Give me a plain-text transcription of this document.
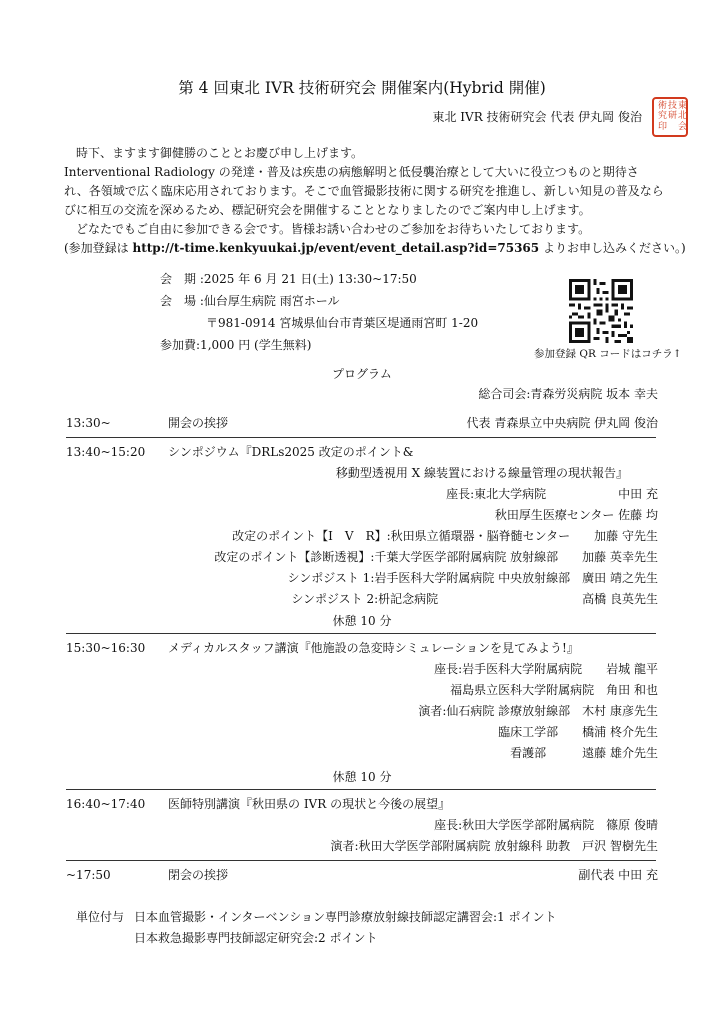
第 4 回東北 IVR 技術研究会 開催案内(Hybrid 開催)
東北 IVR 技術研究会 代表 伊丸岡 俊治
東
北
技
研
術
究
会
印
時下、ますます御健勝のこととお慶び申し上げます。
Interventional Radiology の発達・普及は疾患の病態解明と低侵襲治療として大いに役立つものと期待さ
れ、各領域で広く臨床応用されております。そこで血管撮影技術に関する研究を推進し、新しい知見の普及なら
びに相互の交流を深めるため、標記研究会を開催することとなりましたのでご案内申し上げます。
どなたでもご自由に参加できる会です。皆様お誘い合わせのご参加をお待ちいたしております。
(参加登録は http://t-time.kenkyuukai.jp/event/event_detail.asp?id=75365 よりお申し込みください。)
会　期 :2025 年 6 月 21 日(土) 13:30~17:50
会　場 :仙台厚生病院 雨宮ホール
〒981-0914 宮城県仙台市青葉区堤通雨宮町 1-20
参加費:1,000 円 (学生無料)
参加登録 QR コードはコチラ↑
プログラム
総合司会:青森労災病院 坂本 幸夫
13:30~	開会の挨拶	代表 青森県立中央病院 伊丸岡 俊治
13:40~15:20 シンポジウム『DRLs2025 改定のポイント&
移動型透視用 X 線装置における線量管理の現状報告』
座長:東北大学病院　　　　　　中田 充
秋田厚生医療センター 佐藤 均
改定のポイント【I　V　R】:秋田県立循環器・脳脊髄センター　　加藤 守先生
改定のポイント【診断透視】:千葉大学医学部附属病院 放射線部　　加藤 英幸先生
シンポジスト 1:岩手医科大学附属病院 中央放射線部　廣田 靖之先生
シンポジスト 2:枡記念病院　　　　　　　　　　　　高橋 良英先生
休憩 10 分
15:30~16:30 メディカルスタッフ講演『他施設の急変時シミュレーションを見てみよう!』
座長:岩手医科大学附属病院　　岩城 龍平
福島県立医科大学附属病院　角田 和也
演者:仙石病院 診療放射線部　木村 康彦先生
臨床工学部　　橋浦 柊介先生
看護部　　　遠藤 雄介先生
休憩 10 分
16:40~17:40 医師特別講演『秋田県の IVR の現状と今後の展望』
座長:秋田大学医学部附属病院　篠原 俊晴
演者:秋田大学医学部附属病院 放射線科 助教　戸沢 智樹先生
~17:50	閉会の挨拶	副代表 中田 充
単位付与 日本血管撮影・インターベンション専門診療放射線技師認定講習会:1 ポイント
日本救急撮影専門技師認定研究会:2 ポイント
